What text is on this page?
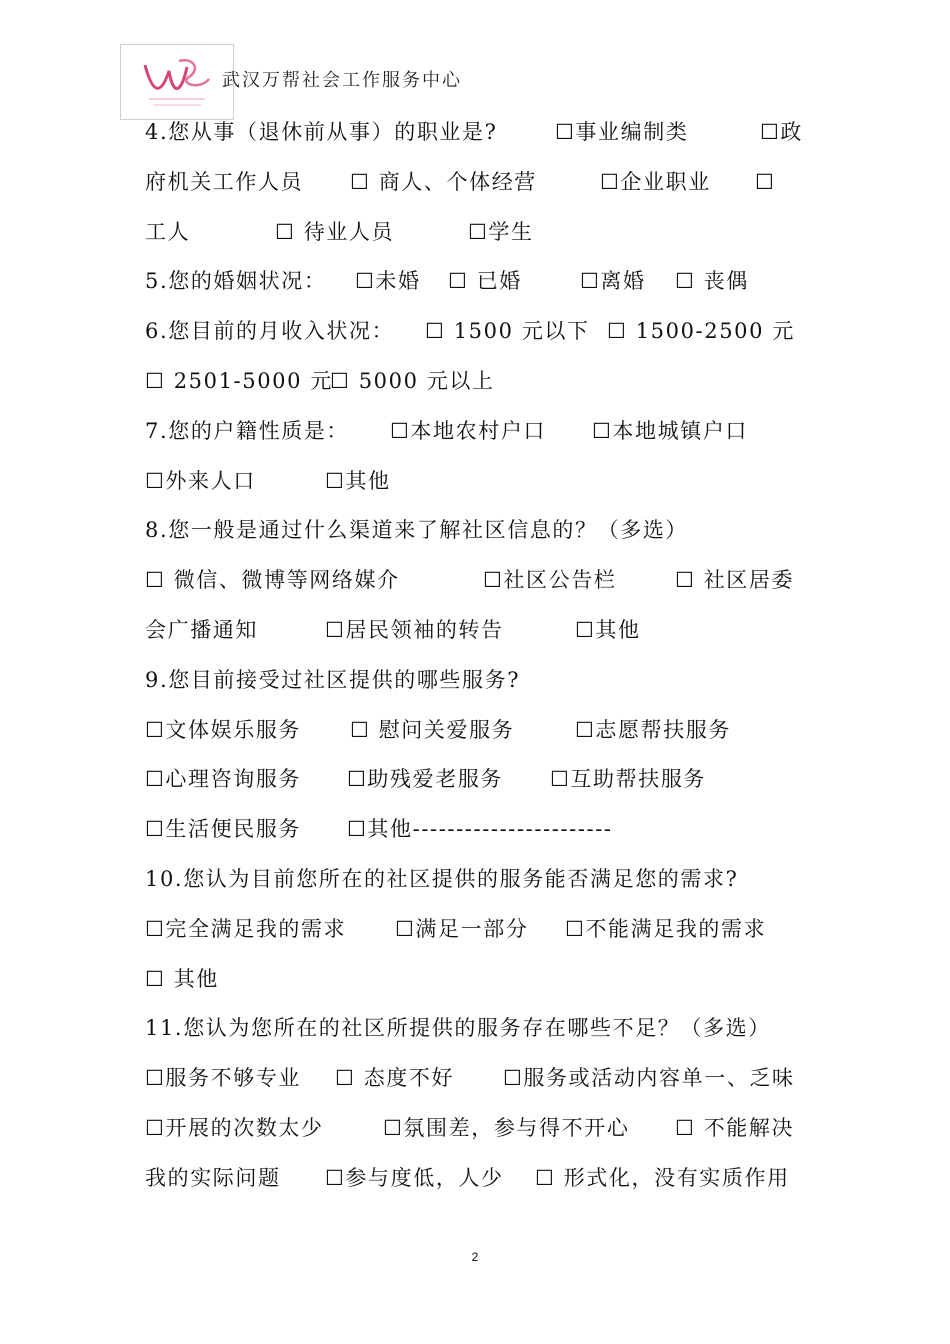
武汉万帮社会工作服务中心
4.您从事（退休前从事）的职业是?	☐事业编制类	☐政
府机关工作人员 ☐ 商人、个体经营	☐企业职业 ☐
工人	☐ 待业人员	☐学生
5.您的婚姻状况： ☐未婚 ☐ 已婚	☐离婚 ☐ 丧偶
6.您目前的月收入状况： ☐ 1500 元以下 ☐ 1500-2500 元
☐ 2501-5000 元
☐ 5000 元以上
7.您的户籍性质是： ☐本地农村户口 ☐本地城镇户口
☐外来人口	☐其他
8.您一般是通过什么渠道来了解社区信息的？（多选）
☐ 微信、微博等网络媒介	☐社区公告栏	☐ 社区居委
会广播通知	☐居民领袖的转告	☐其他
9.您目前接受过社区提供的哪些服务?
☐文体娱乐服务 ☐ 慰问关爱服务	☐志愿帮扶服务
☐心理咨询服务 ☐助残爱老服务 ☐互助帮扶服务
☐生活便民服务 ☐其他-----------------------
10.您认为目前您所在的社区提供的服务能否满足您的需求?
☐完全满足我的需求 ☐满足一部分 ☐不能满足我的需求
☐ 其他
11.您认为您所在的社区所提供的服务存在哪些不足？（多选）
☐服务不够专业 ☐ 态度不好 ☐服务或活动内容单一、乏味
☐开展的次数太少	☐氛围差，参与得不开心 ☐ 不能解决
我的实际问题 ☐参与度低，人少 ☐ 形式化，没有实质作用
2
